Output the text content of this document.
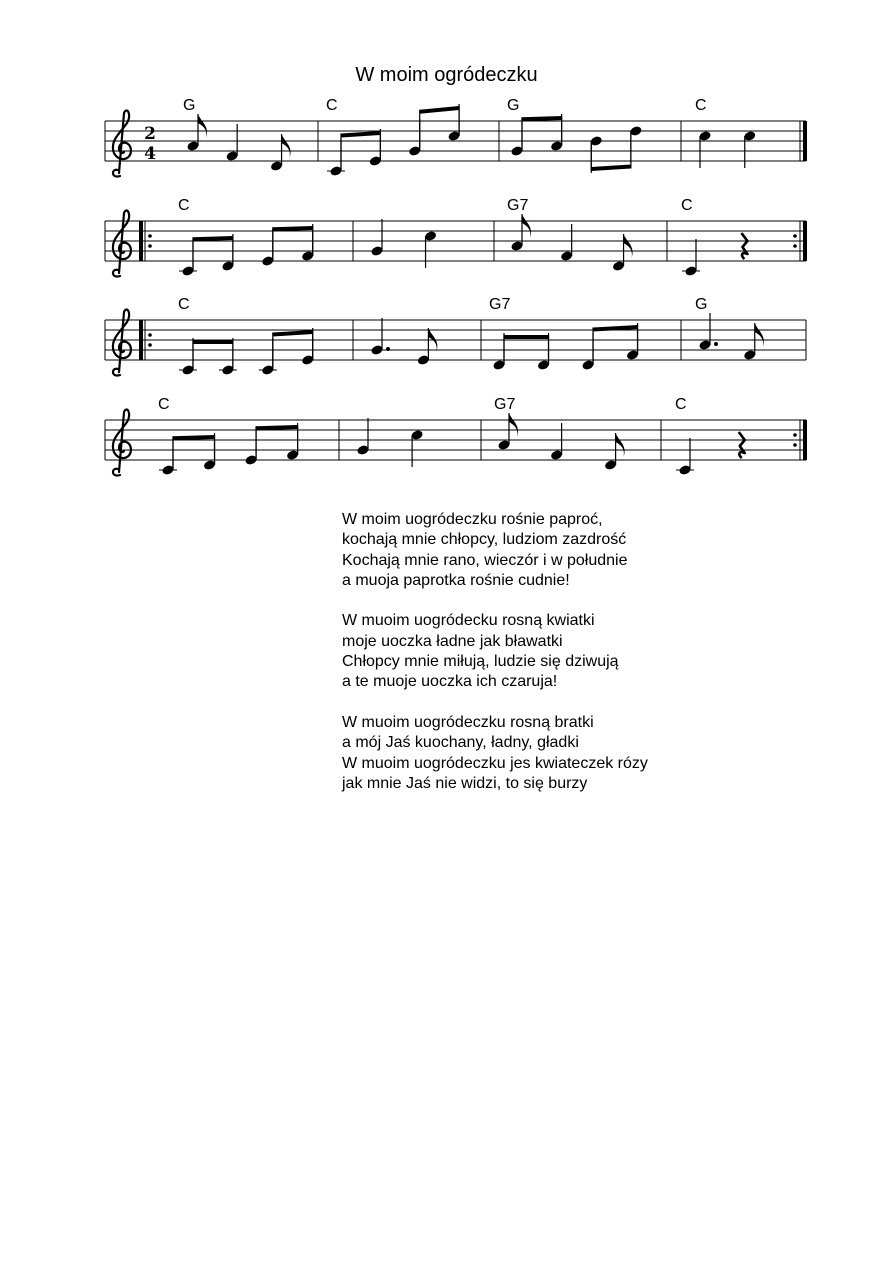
W moim ogródeczku
2
4
G	C	G	C
C	G7	C
C	G7	G
C	G7	C
W moim uogródeczku rośnie paproć,
kochają mnie chłopcy, ludziom zazdrość
Kochają mnie rano, wieczór i w południe
a muoja paprotka rośnie cudnie!
W muoim uogródecku rosną kwiatki
moje uoczka ładne jak bławatki
Chłopcy mnie miłują, ludzie się dziwują
a te muoje uoczka ich czaruja!
W muoim uogródeczku rosną bratki
a mój Jaś kuochany, ładny, gładki
W muoim uogródeczku jes kwiateczek rózy
jak mnie Jaś nie widzi, to się burzy
